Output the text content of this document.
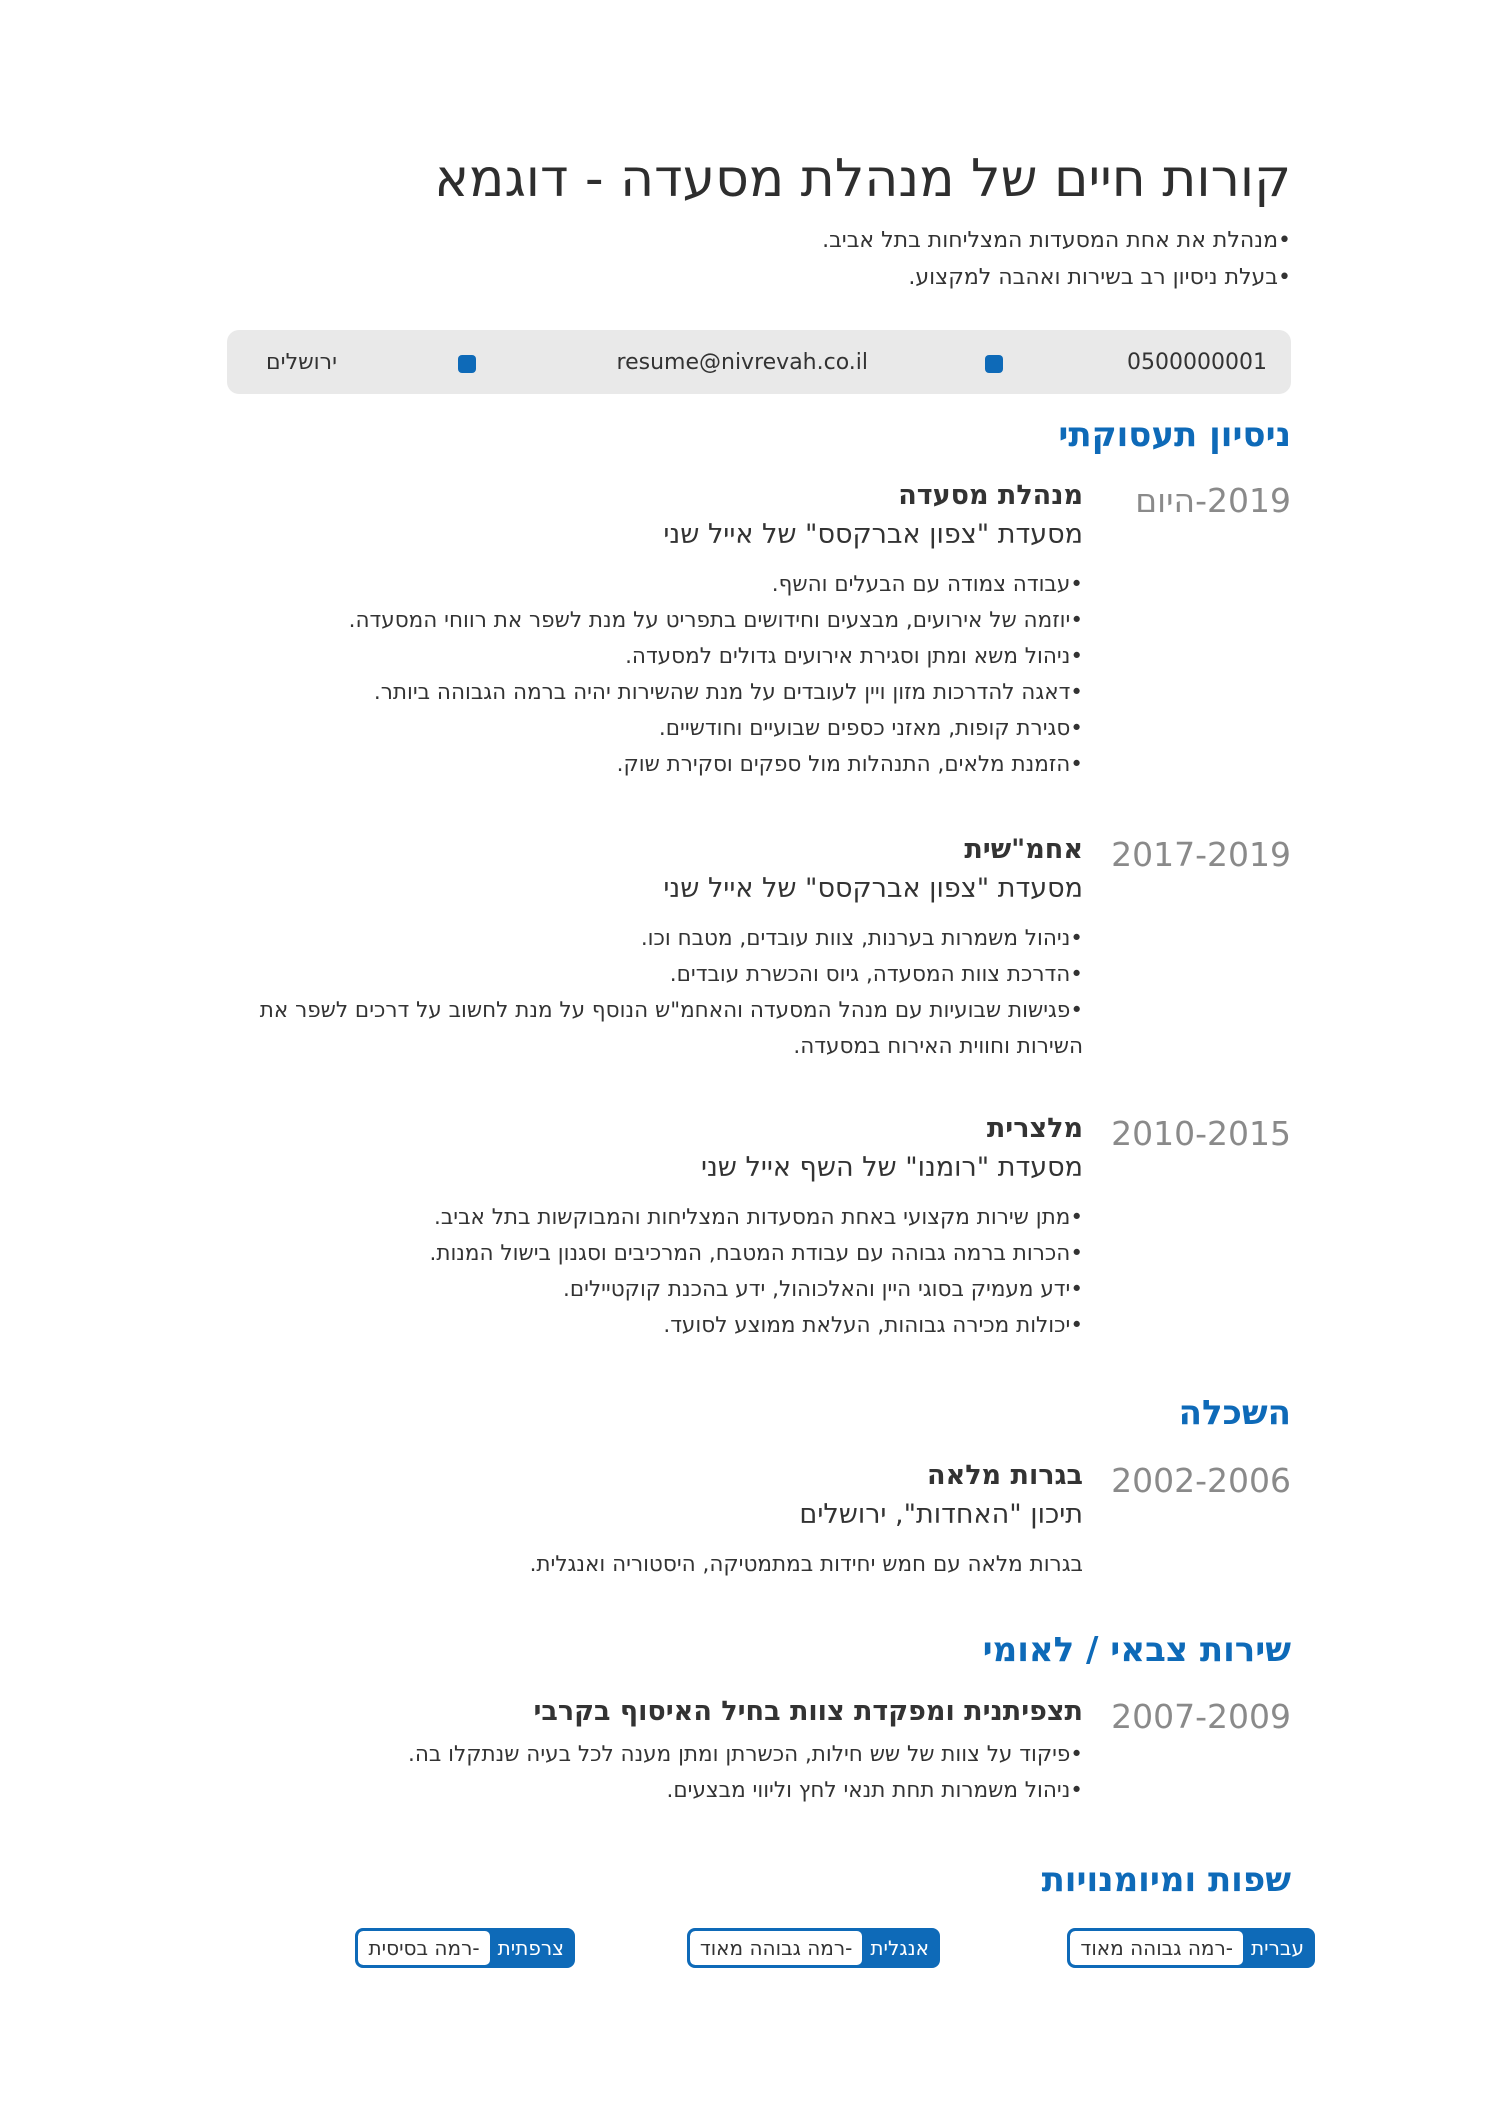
קורות חיים של מנהלת מסעדה - דוגמא
•מנהלת את אחת המסעדות המצליחות בתל אביב.
•בעלת ניסיון רב בשירות ואהבה למקצוע.
0500000001
resume@nivrevah.co.il
ירושלים
ניסיון תעסוקתי
2019-היום
מנהלת מסעדה
מסעדת "צפון אברקסס" של אייל שני
•עבודה צמודה עם הבעלים והשף.
•יוזמה של אירועים, מבצעים וחידושים בתפריט על מנת לשפר את רווחי המסעדה.
•ניהול משא ומתן וסגירת אירועים גדולים למסעדה.
•דאגה להדרכות מזון ויין לעובדים על מנת שהשירות יהיה ברמה הגבוהה ביותר.
•סגירת קופות, מאזני כספים שבועיים וחודשיים.
•הזמנת מלאים, התנהלות מול ספקים וסקירת שוק.
2017-2019
אחמ"שית
מסעדת "צפון אברקסס" של אייל שני
•ניהול משמרות בערנות, צוות עובדים, מטבח וכו.
•הדרכת צוות המסעדה, גיוס והכשרת עובדים.
•פגישות שבועיות עם מנהל המסעדה והאחמ"ש הנוסף על מנת לחשוב על דרכים לשפר את השירות וחווית האירוח במסעדה.
2010-2015
מלצרית
מסעדת "רומנו" של השף אייל שני
•מתן שירות מקצועי באחת המסעדות המצליחות והמבוקשות בתל אביב.
•הכרות ברמה גבוהה עם עבודת המטבח, המרכיבים וסגנון בישול המנות.
•ידע מעמיק בסוגי היין והאלכוהול, ידע בהכנת קוקטיילים.
•יכולות מכירה גבוהות, העלאת ממוצע לסועד.
השכלה
2002-2006
בגרות מלאה
תיכון "האחדות", ירושלים
בגרות מלאה עם חמש יחידות במתמטיקה, היסטוריה ואנגלית.
שירות צבאי / לאומי
2007-2009
תצפיתנית ומפקדת צוות בחיל האיסוף בקרבי
•פיקוד על צוות של שש חילות, הכשרתן ומתן מענה לכל בעיה שנתקלו בה.
•ניהול משמרות תחת תנאי לחץ וליווי מבצעים.
שפות ומיומנויות
עברית
-רמה גבוהה מאוד
אנגלית
-רמה גבוהה מאוד
צרפתית
-רמה בסיסית
